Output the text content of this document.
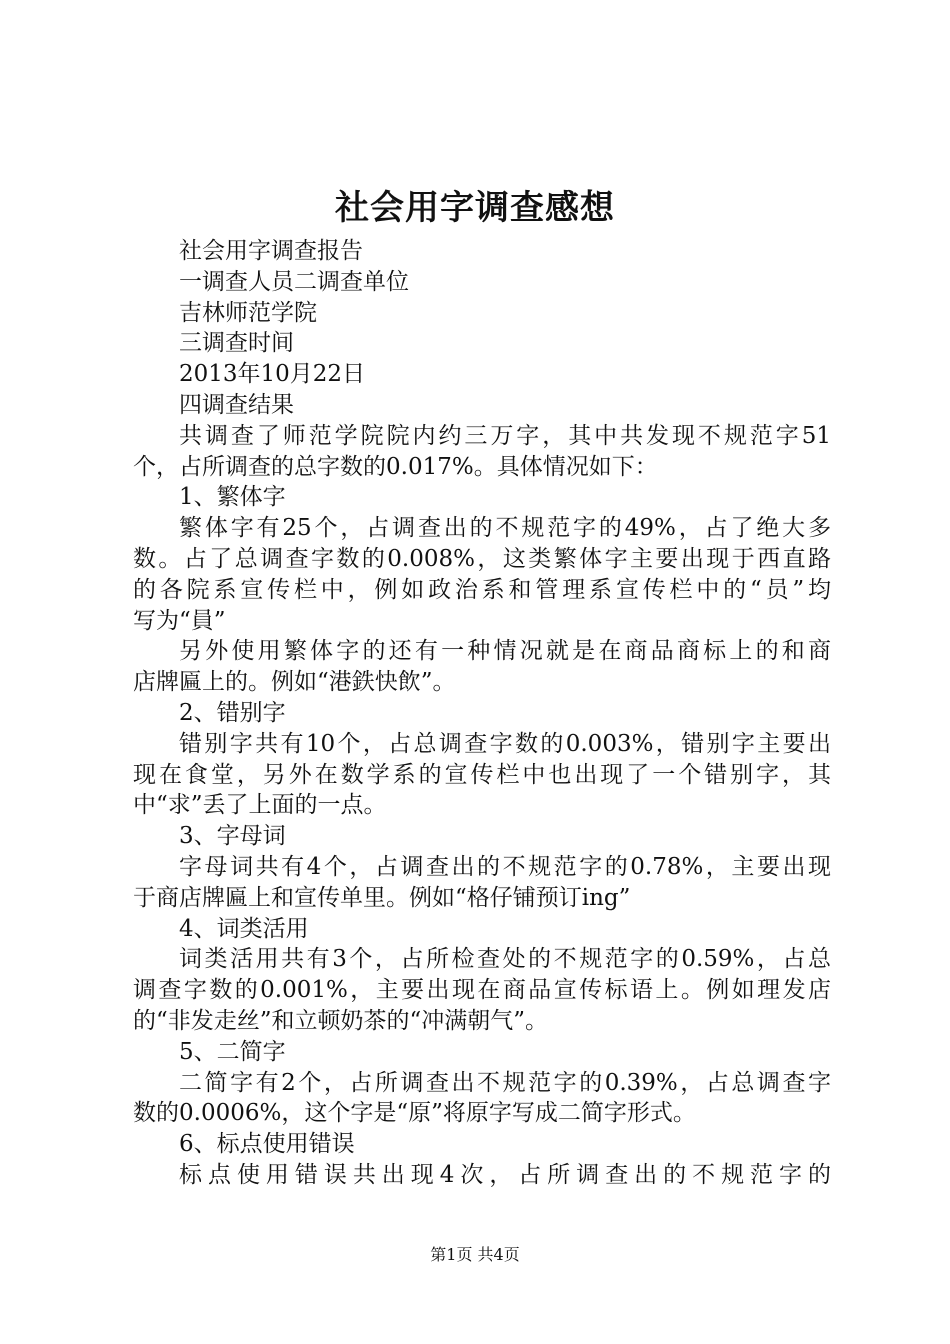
社会用字调查感想

社会用字调查报告

一调查人员二调查单位

吉林师范学院

三调查时间

2013年10月22日

四调查结果

共调查了师范学院院内约三万字，其中共发现不规范字51

个，占所调查的总字数的0.017%。具体情况如下：

1、繁体字

繁体字有25个，占调查出的不规范字的49%，占了绝大多

数。占了总调查字数的0.008%，这类繁体字主要出现于西直路

的各院系宣传栏中，例如政治系和管理系宣传栏中的“员”均

写为“員”

另外使用繁体字的还有一种情况就是在商品商标上的和商

店牌匾上的。例如“港鉄快飲”。

2、错别字

错别字共有10个，占总调查字数的0.003%，错别字主要出

现在食堂，另外在数学系的宣传栏中也出现了一个错别字，其

中“求”丢了上面的一点。

3、字母词

字母词共有4个，占调查出的不规范字的0.78%，主要出现

于商店牌匾上和宣传单里。例如“格仔铺预订ing”

4、词类活用

词类活用共有3个，占所检查处的不规范字的0.59%，占总

调查字数的0.001%，主要出现在商品宣传标语上。例如理发店

的“非发走丝”和立顿奶茶的“冲满朝气”。

5、二简字

二简字有2个，占所调查出不规范字的0.39%，占总调查字

数的0.0006%，这个字是“原”将原字写成二简字形式。

6、标点使用错误

标点使用错误共出现4次，占所调查出的不规范字的

第1页 共4页
